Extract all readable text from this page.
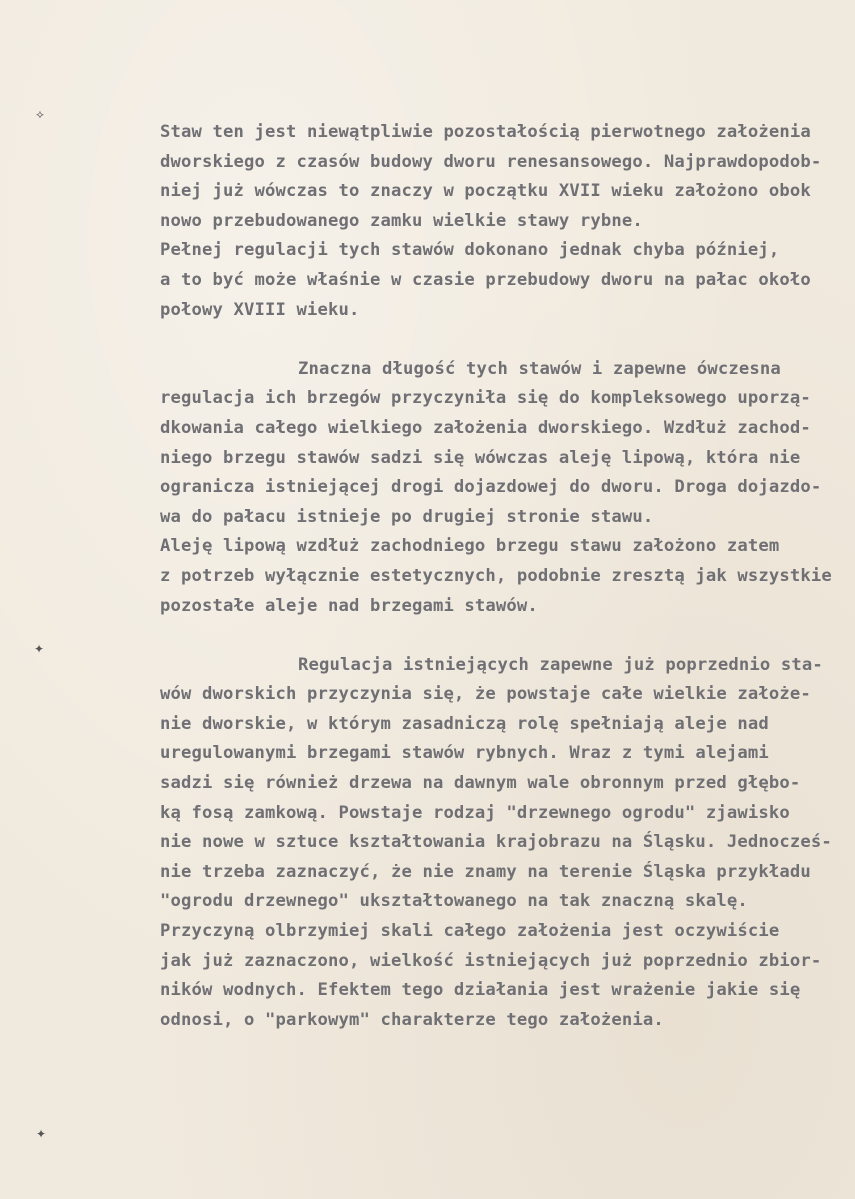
⟡
✦
✦

Staw ten jest niewątpliwie pozostałością pierwotnego założenia
dworskiego z czasów budowy dworu renesansowego. Najprawdopodob-
niej już wówczas to znaczy w początku XVII wieku założono obok
nowo przebudowanego zamku wielkie stawy rybne.
Pełnej regulacji tych stawów dokonano jednak chyba później,
a to być może właśnie w czasie przebudowy dworu na pałac około
połowy XVIII wieku.

Znaczna długość tych stawów i zapewne ówczesna
regulacja ich brzegów przyczyniła się do kompleksowego uporzą-
dkowania całego wielkiego założenia dworskiego. Wzdłuż zachod-
niego brzegu stawów sadzi się wówczas aleję lipową, która nie
ogranicza istniejącej drogi dojazdowej do dworu. Droga dojazdo-
wa do pałacu istnieje po drugiej stronie stawu.
Aleję lipową wzdłuż zachodniego brzegu stawu założono zatem
z potrzeb wyłącznie estetycznych, podobnie zresztą jak wszystkie
pozostałe aleje nad brzegami stawów.

Regulacja istniejących zapewne już poprzednio sta-
wów dworskich przyczynia się, że powstaje całe wielkie założe-
nie dworskie, w którym zasadniczą rolę spełniają aleje nad
uregulowanymi brzegami stawów rybnych. Wraz z tymi alejami
sadzi się również drzewa na dawnym wale obronnym przed głębo-
ką fosą zamkową. Powstaje rodzaj "drzewnego ogrodu" zjawisko
nie nowe w sztuce kształtowania krajobrazu na Śląsku. Jednocześ-
nie trzeba zaznaczyć, że nie znamy na terenie Śląska przykładu
"ogrodu drzewnego" ukształtowanego na tak znaczną skalę.
Przyczyną olbrzymiej skali całego założenia jest oczywiście
jak już zaznaczono, wielkość istniejących już poprzednio zbior-
ników wodnych. Efektem tego działania jest wrażenie jakie się
odnosi, o "parkowym" charakterze tego założenia.
